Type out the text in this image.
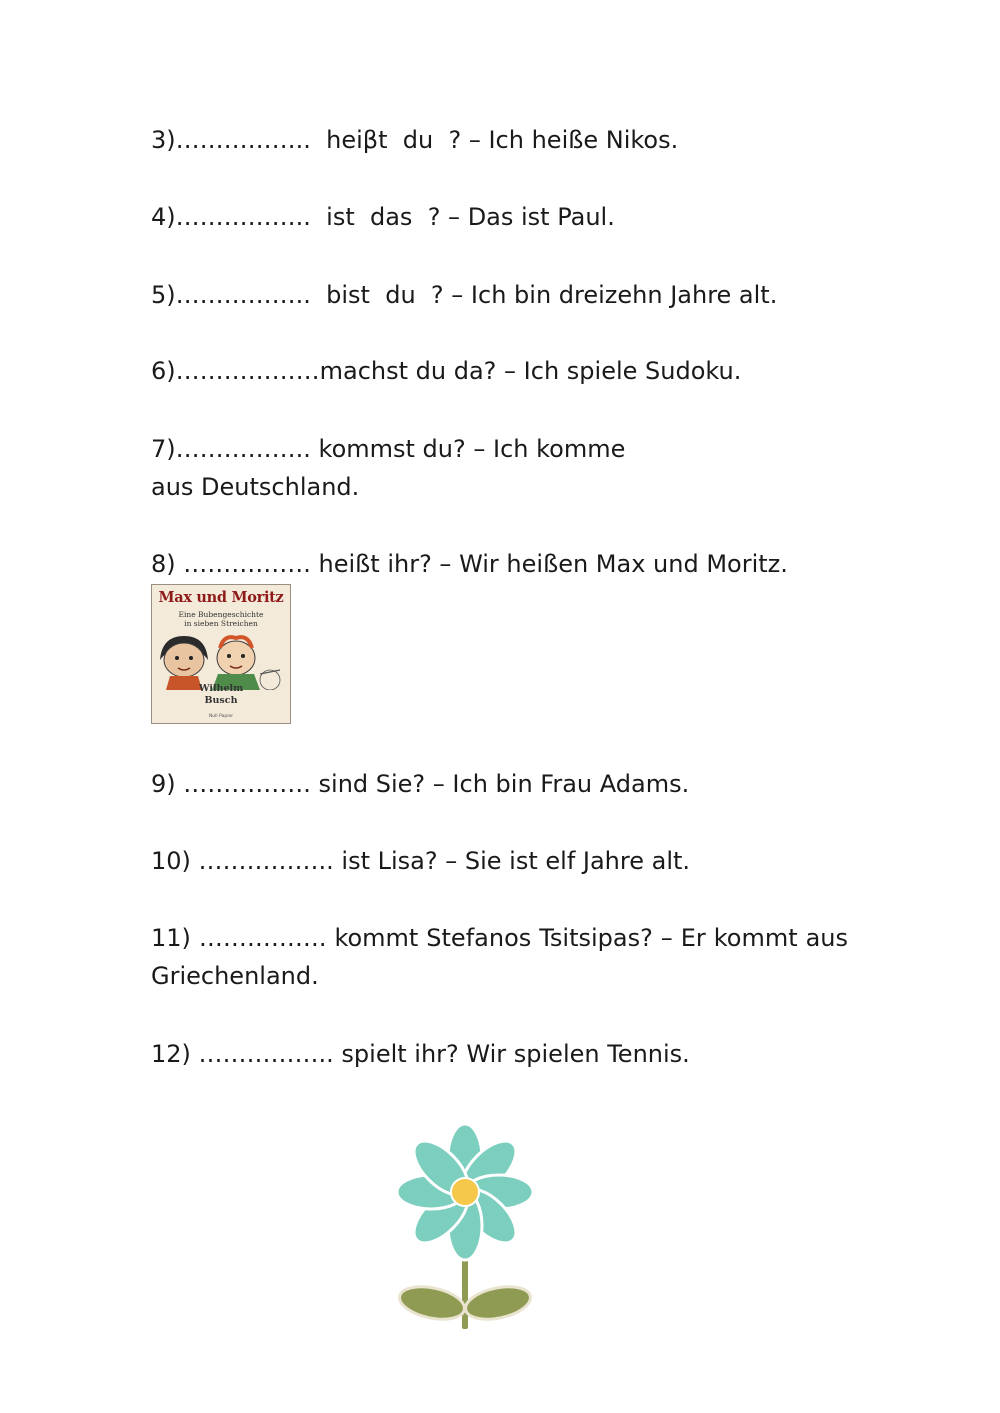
3)……………..  heiβt  du  ? – Ich heiße Nikos.

4)……………..  ist  das  ? – Das ist Paul.

5)……………..  bist  du  ? – Ich bin dreizehn Jahre alt.

6)………………machst du da? – Ich spiele Sudoku.

7)…………….. kommst du? – Ich komme aus Deutschland.

8) ……………. heißt ihr? – Wir heißen Max und Moritz.

Max und Moritz
Eine Bubengeschichte
in sieben Streichen
Wilhelm
Busch
Null Papier

9) ……………. sind Sie? – Ich bin Frau Adams.

10) …………….. ist Lisa? – Sie ist elf Jahre alt.

11) ……………. kommt Stefanos Tsitsipas? – Er kommt aus Griechenland.

12) …………….. spielt ihr? Wir spielen Tennis.
